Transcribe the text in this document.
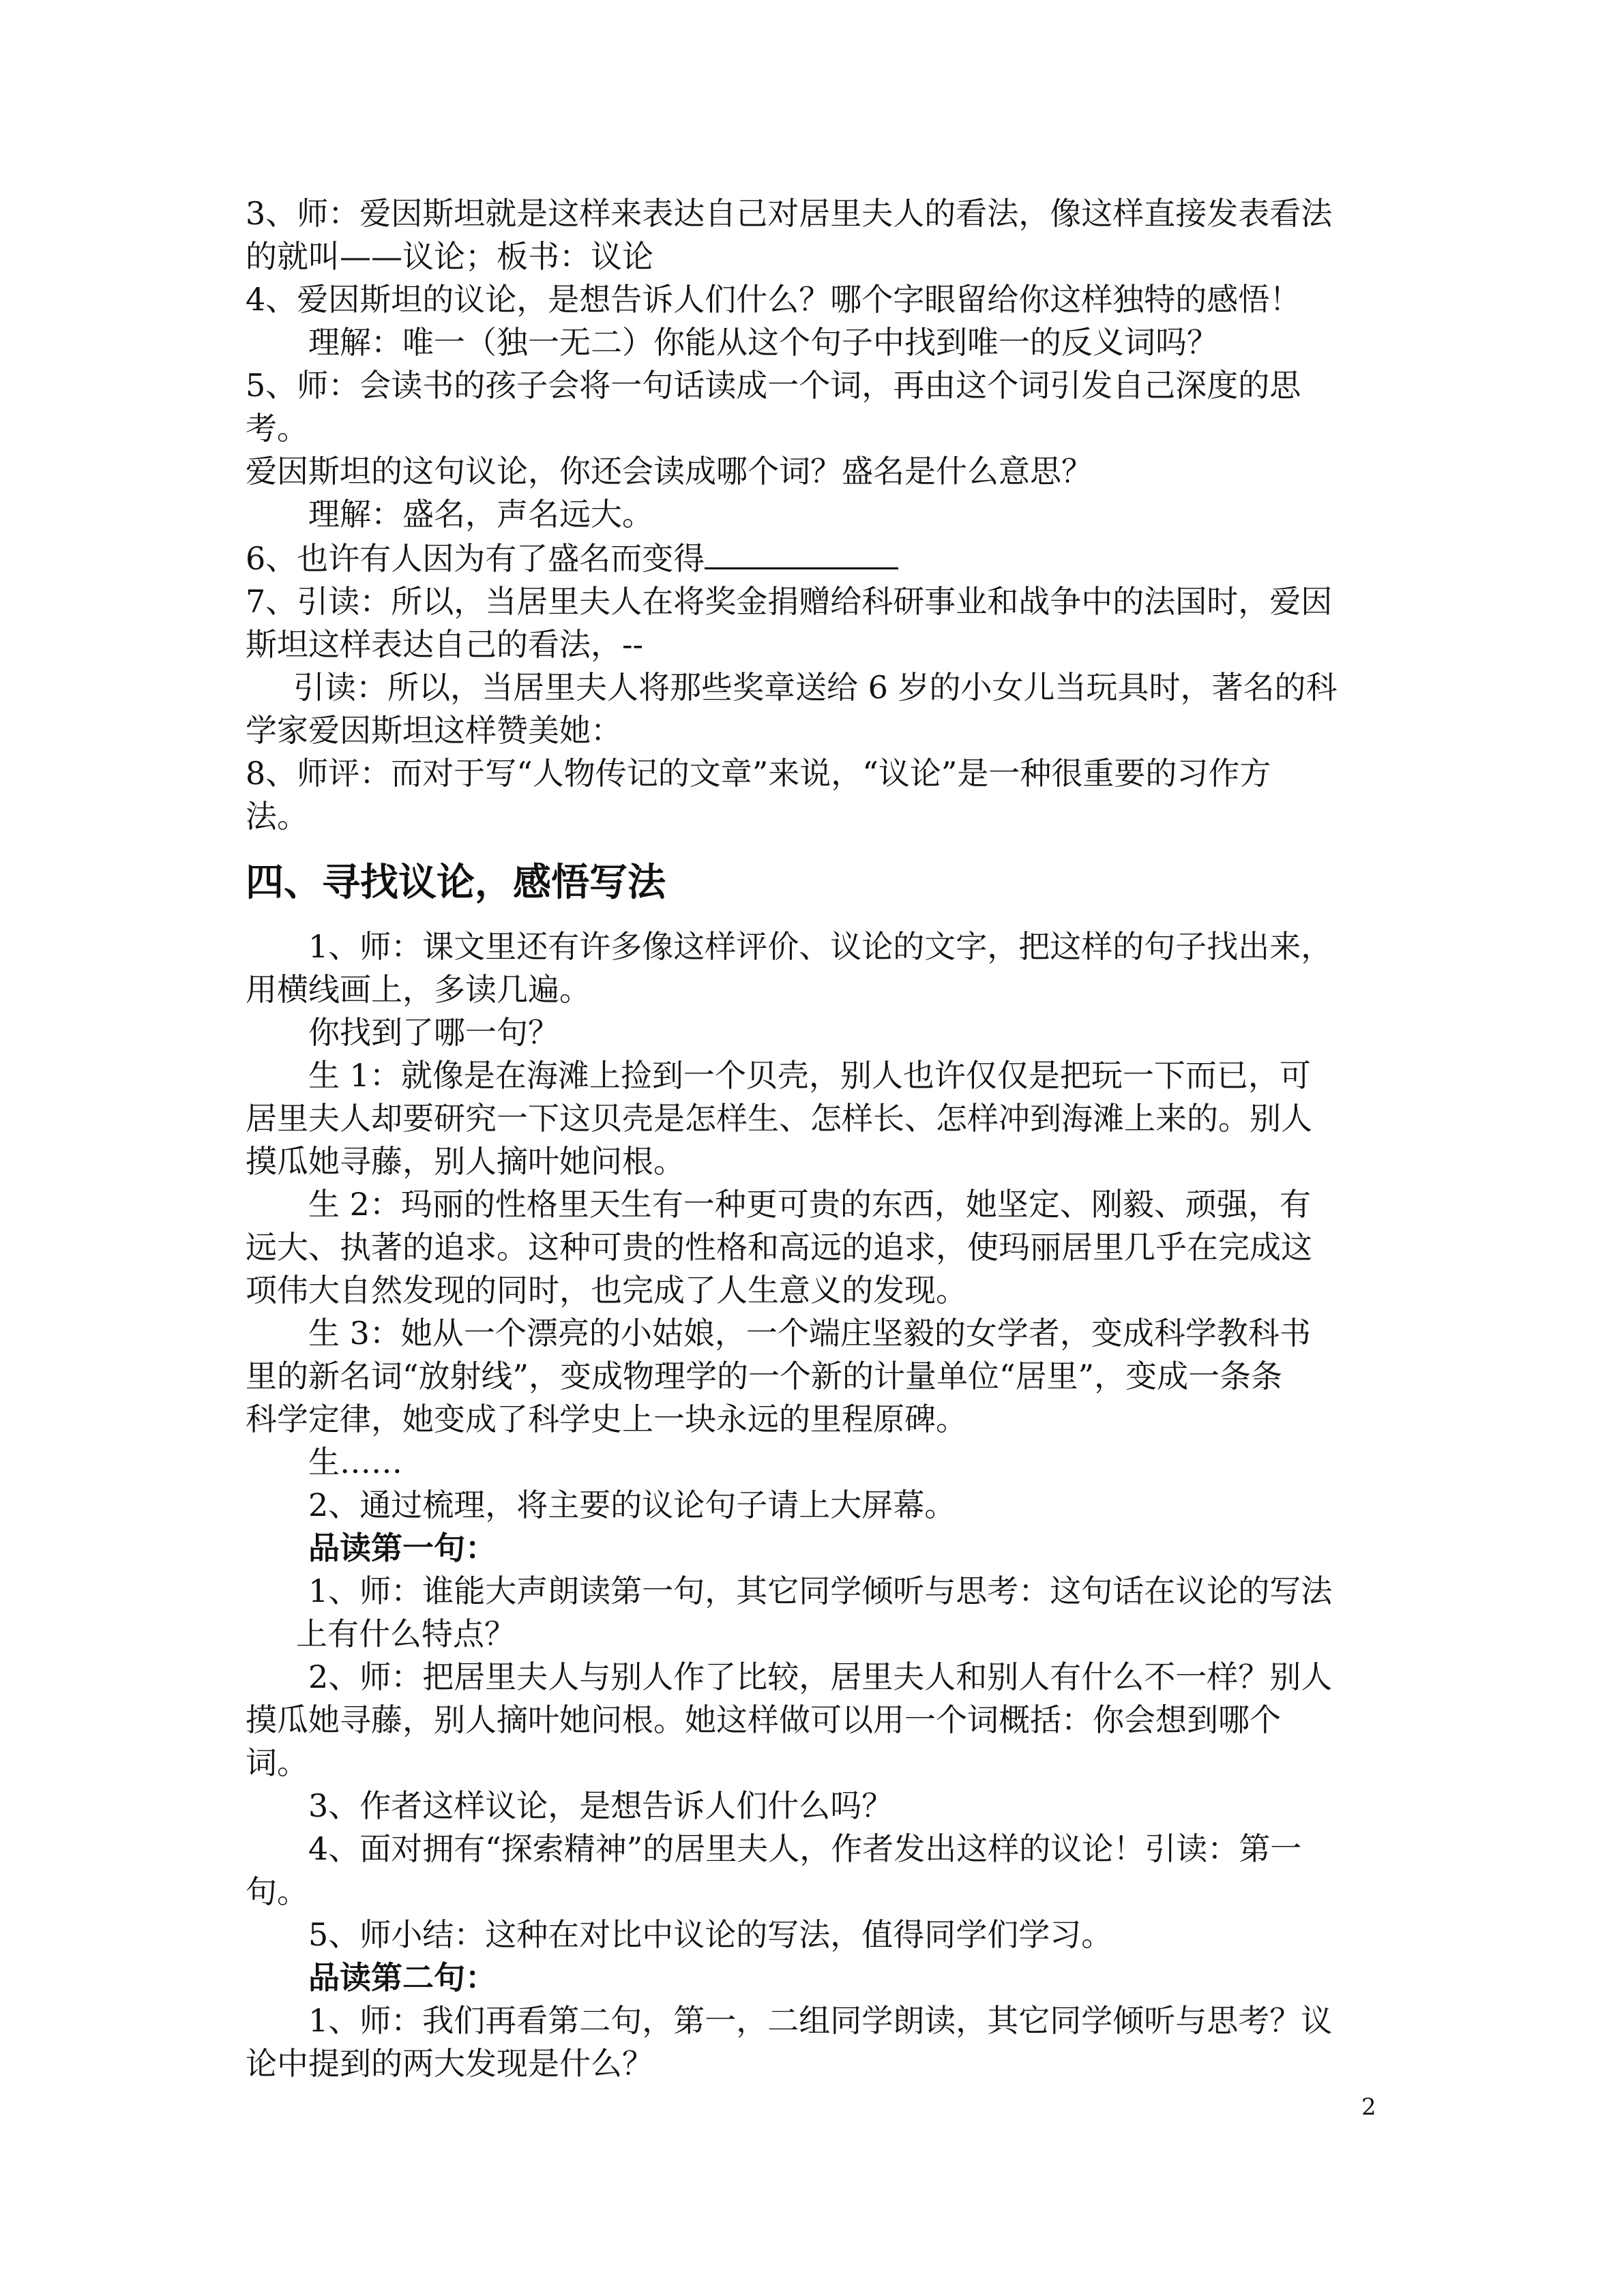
3、师：爱因斯坦就是这样来表达自己对居里夫人的看法，像这样直接发表看法

的就叫——议论；板书：议论

4、爱因斯坦的议论，是想告诉人们什么？哪个字眼留给你这样独特的感悟！

理解：唯一（独一无二）你能从这个句子中找到唯一的反义词吗？

5、师：会读书的孩子会将一句话读成一个词，再由这个词引发自己深度的思

考。

爱因斯坦的这句议论，你还会读成哪个词？盛名是什么意思？

理解：盛名，声名远大。

6、也许有人因为有了盛名而变得

7、引读：所以，当居里夫人在将奖金捐赠给科研事业和战争中的法国时，爱因

斯坦这样表达自己的看法，--

引读：所以，当居里夫人将那些奖章送给 6 岁的小女儿当玩具时，著名的科

学家爱因斯坦这样赞美她：

8、师评：而对于写“人物传记的文章”来说，“议论”是一种很重要的习作方

法。

四、寻找议论，感悟写法

1、师：课文里还有许多像这样评价、议论的文字，把这样的句子找出来，

用横线画上，多读几遍。

你找到了哪一句？

生 1：就像是在海滩上捡到一个贝壳，别人也许仅仅是把玩一下而已，可

居里夫人却要研究一下这贝壳是怎样生、怎样长、怎样冲到海滩上来的。别人

摸瓜她寻藤，别人摘叶她问根。

生 2：玛丽的性格里天生有一种更可贵的东西，她坚定、刚毅、顽强，有

远大、执著的追求。这种可贵的性格和高远的追求，使玛丽居里几乎在完成这

项伟大自然发现的同时，也完成了人生意义的发现。

生 3：她从一个漂亮的小姑娘，一个端庄坚毅的女学者，变成科学教科书

里的新名词“放射线”，变成物理学的一个新的计量单位“居里”，变成一条条

科学定律，她变成了科学史上一块永远的里程原碑。

生……

2、通过梳理，将主要的议论句子请上大屏幕。

品读第一句：

1、师：谁能大声朗读第一句，其它同学倾听与思考：这句话在议论的写法

上有什么特点？

2、师：把居里夫人与别人作了比较，居里夫人和别人有什么不一样？别人

摸瓜她寻藤，别人摘叶她问根。她这样做可以用一个词概括：你会想到哪个

词。

3、作者这样议论，是想告诉人们什么吗？

4、面对拥有“探索精神”的居里夫人，作者发出这样的议论！引读：第一

句。

5、师小结：这种在对比中议论的写法，值得同学们学习。

品读第二句：

1、师：我们再看第二句，第一，二组同学朗读，其它同学倾听与思考？议

论中提到的两大发现是什么？

2
